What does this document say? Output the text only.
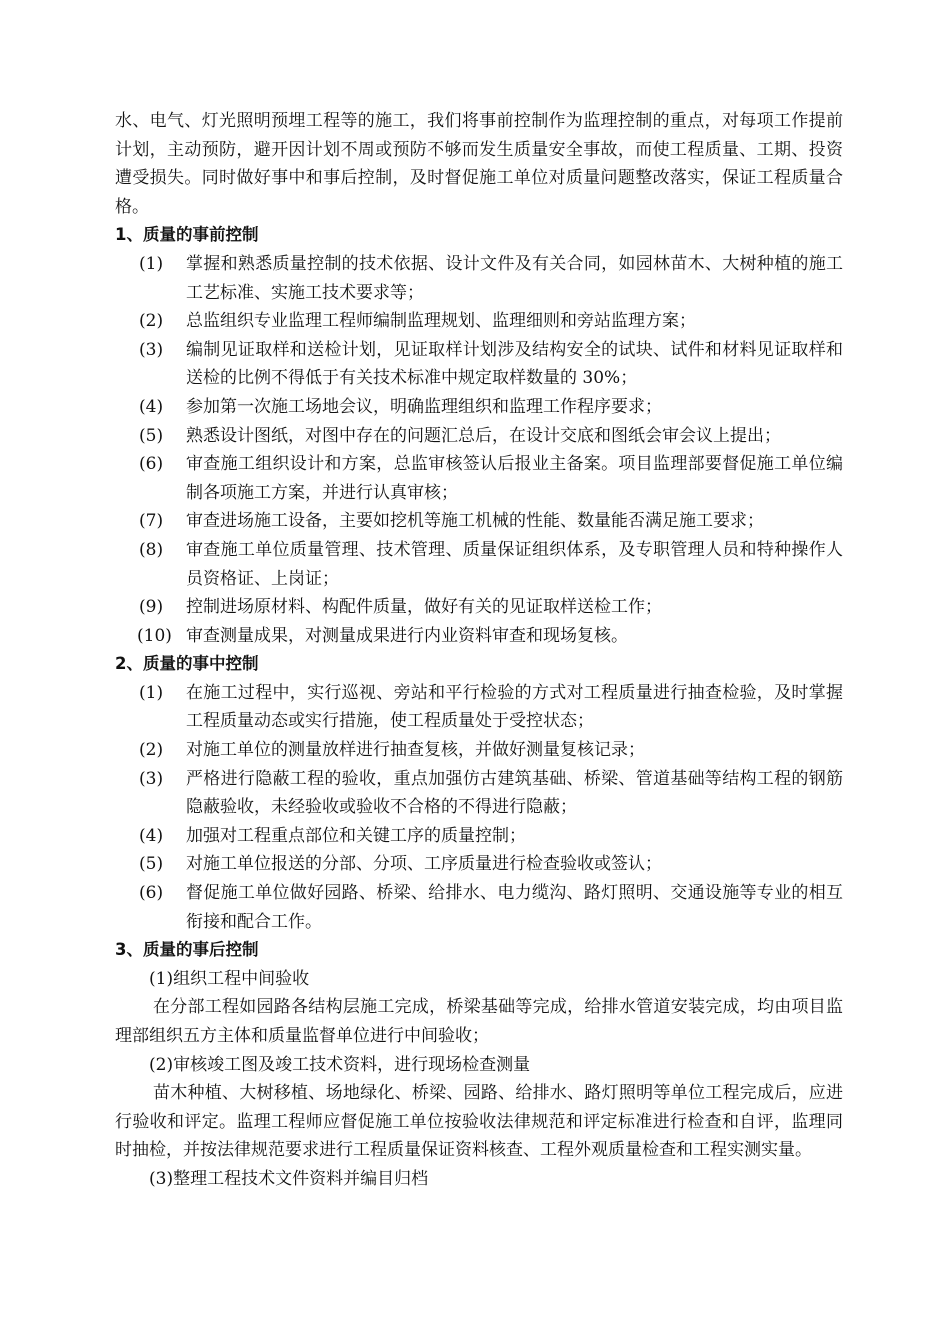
水、电气、灯光照明预埋工程等的施工，我们将事前控制作为监理控制的重点，对每项工作提前计划，主动预防，避开因计划不周或预防不够而发生质量安全事故，而使工程质量、工期、投资遭受损失。同时做好事中和事后控制，及时督促施工单位对质量问题整改落实，保证工程质量合格。

1、质量的事前控制

(1) 掌握和熟悉质量控制的技术依据、设计文件及有关合同，如园林苗木、大树种植的施工工艺标准、实施工技术要求等；
(2) 总监组织专业监理工程师编制监理规划、监理细则和旁站监理方案；
(3) 编制见证取样和送检计划，见证取样计划涉及结构安全的试块、试件和材料见证取样和送检的比例不得低于有关技术标准中规定取样数量的 30%；
(4) 参加第一次施工场地会议，明确监理组织和监理工作程序要求；
(5) 熟悉设计图纸，对图中存在的问题汇总后，在设计交底和图纸会审会议上提出；
(6) 审查施工组织设计和方案，总监审核签认后报业主备案。项目监理部要督促施工单位编制各项施工方案，并进行认真审核；
(7) 审查进场施工设备，主要如挖机等施工机械的性能、数量能否满足施工要求；
(8) 审查施工单位质量管理、技术管理、质量保证组织体系，及专职管理人员和特种操作人员资格证、上岗证；
(9) 控制进场原材料、构配件质量，做好有关的见证取样送检工作；
(10) 审查测量成果，对测量成果进行内业资料审查和现场复核。

2、质量的事中控制

(1) 在施工过程中，实行巡视、旁站和平行检验的方式对工程质量进行抽查检验，及时掌握工程质量动态或实行措施，使工程质量处于受控状态；
(2) 对施工单位的测量放样进行抽查复核，并做好测量复核记录；
(3) 严格进行隐蔽工程的验收，重点加强仿古建筑基础、桥梁、管道基础等结构工程的钢筋隐蔽验收，未经验收或验收不合格的不得进行隐蔽；
(4) 加强对工程重点部位和关键工序的质量控制；
(5) 对施工单位报送的分部、分项、工序质量进行检查验收或签认；
(6) 督促施工单位做好园路、桥梁、给排水、电力缆沟、路灯照明、交通设施等专业的相互衔接和配合工作。

3、质量的事后控制

(1)组织工程中间验收

在分部工程如园路各结构层施工完成，桥梁基础等完成，给排水管道安装完成，均由项目监理部组织五方主体和质量监督单位进行中间验收；

(2)审核竣工图及竣工技术资料，进行现场检查测量

苗木种植、大树移植、场地绿化、桥梁、园路、给排水、路灯照明等单位工程完成后，应进行验收和评定。监理工程师应督促施工单位按验收法律规范和评定标准进行检查和自评，监理同时抽检，并按法律规范要求进行工程质量保证资料核查、工程外观质量检查和工程实测实量。

(3)整理工程技术文件资料并编目归档
